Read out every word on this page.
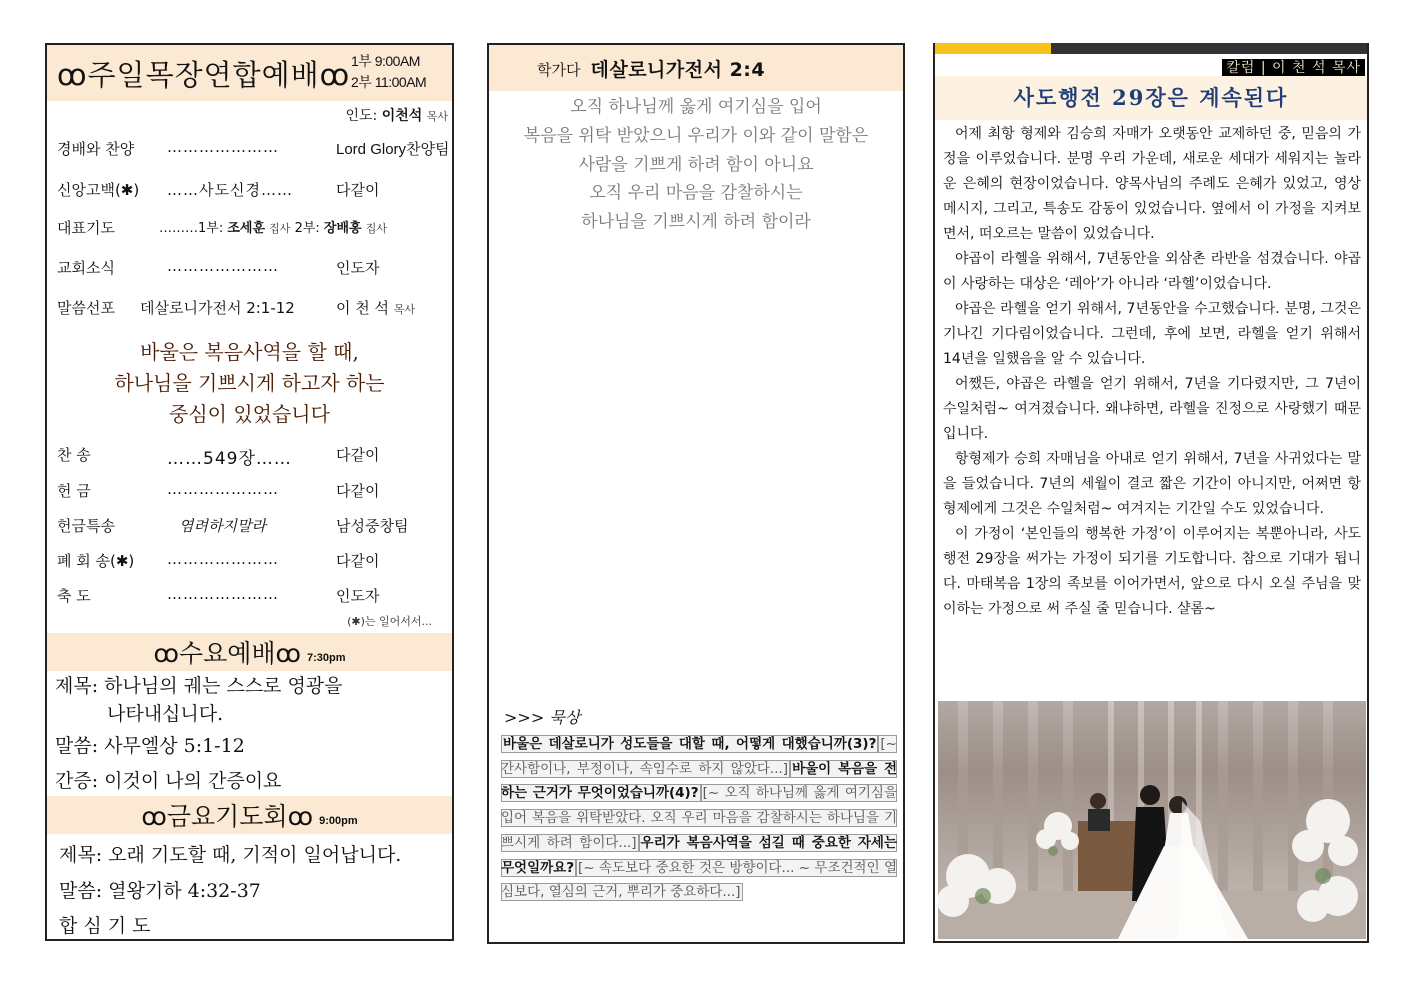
ꝏ주일목장연합예배ꝏ 1부 9:00AM
2부 11:00AM
인도: 이천석 목사
경배와 찬양 …………………	Lord Glory찬양팀
신앙고백(✱) ……사도신경……	다같이
대표기도	………1부: 조세훈 집사 2부: 장배홍 집사
교회소식	…………………	인도자
말씀선포 데살로니가전서 2:1-12	이 천 석 목사
바울은 복음사역을 할 때,
하나님을 기쁘시게 하고자 하는
중심이 있었습니다
찬 송	……549장……	다같이
헌 금	…………………	다같이
헌금특송	염려하지말라	남성중창팀
폐 회 송(✱) …………………	다같이
축 도	…………………	인도자
(✱)는 일어서서...
ꝏ수요예배ꝏ 7:30pm
제목: 하나님의 궤는 스스로 영광을
나타내십니다.
말씀: 사무엘상 5:1-12
간증: 이것이 나의 간증이요
ꝏ금요기도회ꝏ 9:00pm
제목: 오래 기도할 때, 기적이 일어납니다.
말씀: 열왕기하 4:32-37
합 심 기 도
학가다 데살로니가전서 2:4
오직 하나님께 옳게 여기심을 입어
복음을 위탁 받았으니 우리가 이와 같이 말함은
사람을 기쁘게 하려 함이 아니요
오직 우리 마음을 감찰하시는
하나님을 기쁘시게 하려 함이라
>>> 묵상
바울은 데살로니가 성도들을 대할 때, 어떻게 대했습니까(3)? [~ 간사함이나, 부정이나, 속임수로 하지 않았다...] 바울이 복음을 전하는 근거가 무엇이었습니까(4)? [~ 오직 하나님께 옳게 여기심을 입어 복음을 위탁받았다. 오직 우리 마음을 감찰하시는 하나님을 기쁘시게 하려 함이다...] 우리가 복음사역을 섬길 때 중요한 자세는 무엇일까요? [~ 속도보다 중요한 것은 방향이다... ~ 무조건적인 열심보다, 열심의 근거, 뿌리가 중요하다...]
칼럼 | 이 천 석 목사
사도행전 29장은 계속된다

어제 최항 형제와 김승희 자매가 오랫동안 교제하던 중, 믿음의 가정을 이루었습니다. 분명 우리 가운데, 새로운 세대가 세워지는 놀라운 은혜의 현장이었습니다. 양목사님의 주례도 은혜가 있었고, 영상 메시지, 그리고, 특송도 감동이 있었습니다. 옆에서 이 가정을 지켜보면서, 떠오르는 말씀이 있었습니다.

야곱이 라헬을 위해서, 7년동안을 외삼촌 라반을 섬겼습니다. 야곱이 사랑하는 대상은 ‘레아’가 아니라 ‘라헬’이었습니다.

야곱은 라헬을 얻기 위해서, 7년동안을 수고했습니다. 분명, 그것은 기나긴 기다림이었습니다. 그런데, 후에 보면, 라헬을 얻기 위해서 14년을 일했음을 알 수 있습니다.

어쨌든, 야곱은 라헬을 얻기 위해서, 7년을 기다렸지만, 그 7년이 수일처럼~ 여겨졌습니다. 왜냐하면, 라헬을 진정으로 사랑했기 때문입니다.

항형제가 승희 자매님을 아내로 얻기 위해서, 7년을 사귀었다는 말을 들었습니다. 7년의 세월이 결코 짧은 기간이 아니지만, 어쩌면 항형제에게 그것은 수일처럼~ 여겨지는 기간일 수도 있었습니다.

이 가정이 ‘본인들의 행복한 가정’이 이루어지는 복뿐아니라, 사도행전 29장을 써가는 가정이 되기를 기도합니다. 참으로 기대가 됩니다. 마태복음 1장의 족보를 이어가면서, 앞으로 다시 오실 주님을 맞이하는 가정으로 써 주실 줄 믿습니다. 샬롬~
